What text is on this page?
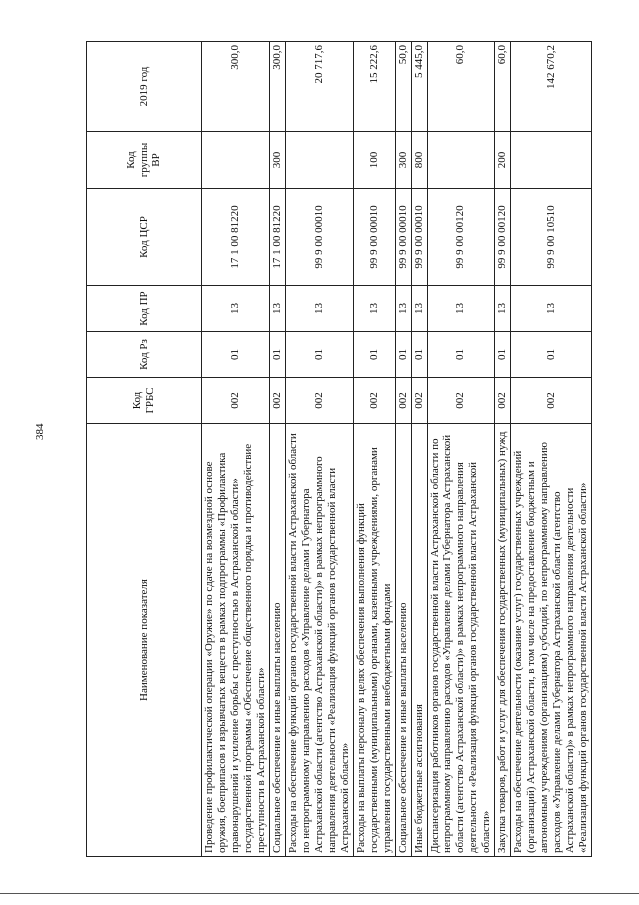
384
Наименование показателя	Код ГРБС	Код Рз	Код ПР	Код ЦСР	Код группы ВР	2019 год
Проведение профилактической операции «Оружие» по сдаче на возмездной основе оружия, боеприпасов и взрывчатых веществ в рамках подпрограммы «Профилактика правонарушений и усиление борьбы с преступностью в Астраханской области» государственной программы «Обеспечение общественного порядка и противодействие преступности в Астраханской области»	002	01	13	17 1 00 81220		300,0
Социальное обеспечение и иные выплаты населению	002	01	13	17 1 00 81220	300	300,0
Расходы на обеспечение функций органов государственной власти Астраханской области по непрограммному направлению расходов «Управление делами Губернатора Астраханской области (агентство Астраханской области)» в рамках непрограммного направления деятельности «Реализация функций органов государственной власти Астраханской области»	002	01	13	99 9 00 00010		20 717,6
Расходы на выплаты персоналу в целях обеспечения выполнения функций государственными (муниципальными) органами, казенными учреждениями, органами управления государственными внебюджетными фондами	002	01	13	99 9 00 00010	100	15 222,6
Социальное обеспечение и иные выплаты населению	002	01	13	99 9 00 00010	300	50,0
Иные бюджетные ассигнования	002	01	13	99 9 00 00010	800	5 445,0
Диспансеризация работников органов государственной власти Астраханской области по непрограммному направлению расходов «Управление делами Губернатора Астраханской области (агентство Астраханской области)» в рамках непрограммного направления деятельности «Реализация функций органов государственной власти Астраханской области»	002	01	13	99 9 00 00120		60,0
Закупка товаров, работ и услуг для обеспечения государственных (муниципальных) нужд	002	01	13	99 9 00 00120	200	60,0
Расходы на обеспечение деятельности (оказание услуг) государственных учреждений (организаций) Астраханской области, в том числе на предоставление бюджетным и автономным учреждениям (организациям) субсидий, по непрограммному направлению расходов «Управление делами Губернатора Астраханской области (агентство Астраханской области)» в рамках непрограммного направления деятельности «Реализация функций органов государственной власти Астраханской области»	002	01	13	99 9 00 10510		142 670,2
